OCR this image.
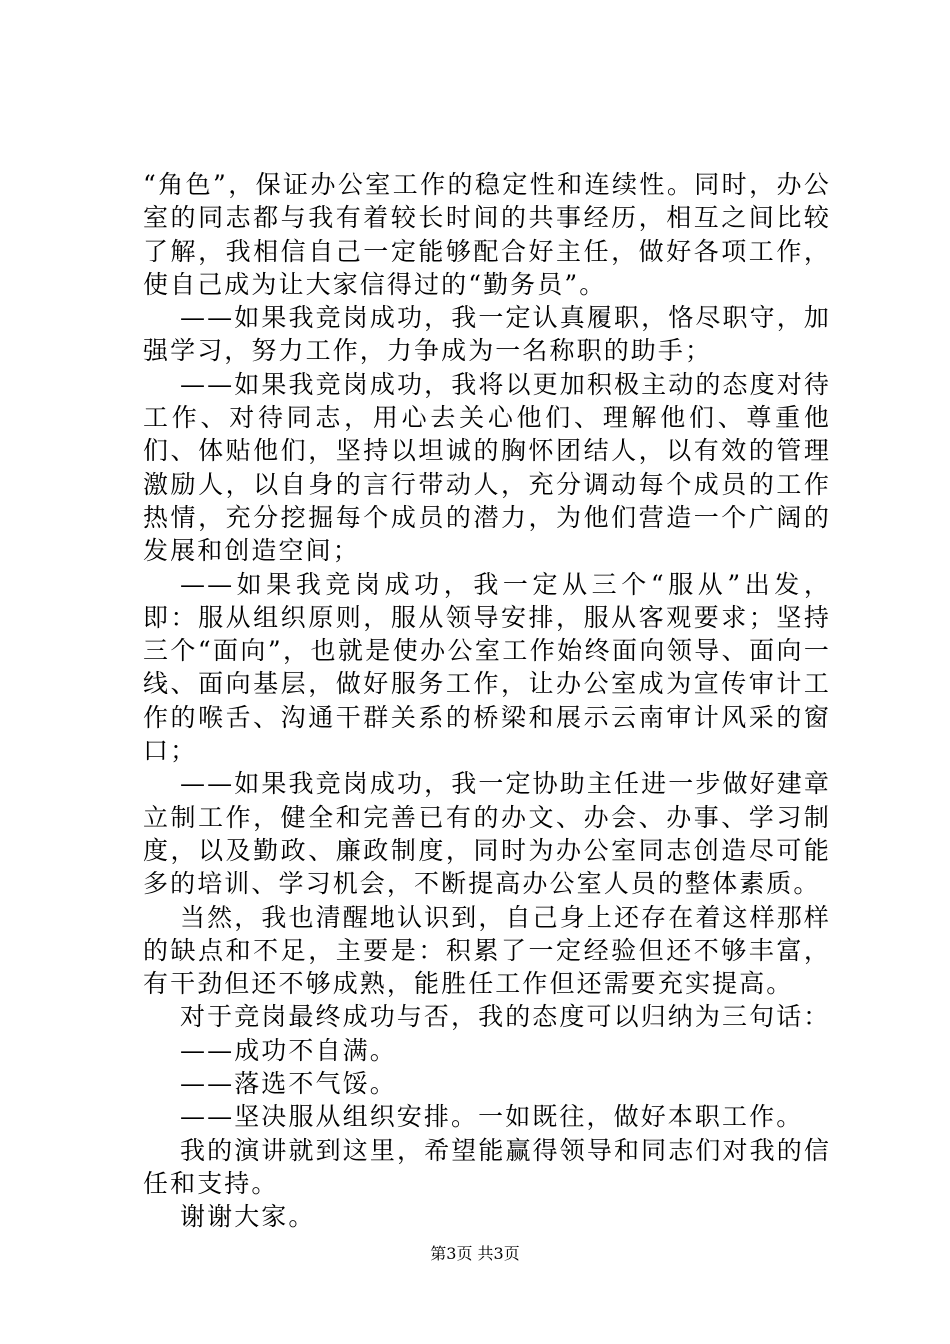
“角色”，保证办公室工作的稳定性和连续性。同时，办公室的同志都与我有着较长时间的共事经历，相互之间比较了解，我相信自己一定能够配合好主任，做好各项工作，使自己成为让大家信得过的“勤务员”。

——如果我竞岗成功，我一定认真履职，恪尽职守，加强学习，努力工作，力争成为一名称职的助手；

——如果我竞岗成功，我将以更加积极主动的态度对待工作、对待同志，用心去关心他们、理解他们、尊重他们、体贴他们，坚持以坦诚的胸怀团结人，以有效的管理激励人，以自身的言行带动人，充分调动每个成员的工作热情，充分挖掘每个成员的潜力，为他们营造一个广阔的发展和创造空间；

——如果我竞岗成功，我一定从三个“服从”出发，即：服从组织原则，服从领导安排，服从客观要求；坚持三个“面向”，也就是使办公室工作始终面向领导、面向一线、面向基层，做好服务工作，让办公室成为宣传审计工作的喉舌、沟通干群关系的桥梁和展示云南审计风采的窗口；

——如果我竞岗成功，我一定协助主任进一步做好建章立制工作，健全和完善已有的办文、办会、办事、学习制度，以及勤政、廉政制度，同时为办公室同志创造尽可能多的培训、学习机会，不断提高办公室人员的整体素质。

当然，我也清醒地认识到，自己身上还存在着这样那样的缺点和不足，主要是：积累了一定经验但还不够丰富，有干劲但还不够成熟，能胜任工作但还需要充实提高。

对于竞岗最终成功与否，我的态度可以归纳为三句话：

——成功不自满。

——落选不气馁。

——坚决服从组织安排。一如既往，做好本职工作。

我的演讲就到这里，希望能赢得领导和同志们对我的信任和支持。

谢谢大家。

第3页 共3页
